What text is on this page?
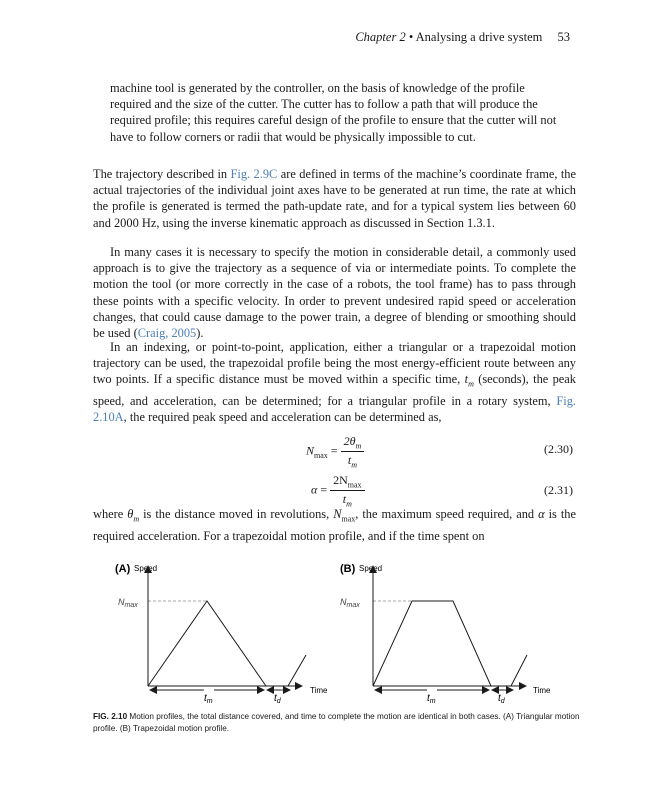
Chapter 2 • Analysing a drive system 53
machine tool is generated by the controller, on the basis of knowledge of the profile required and the size of the cutter. The cutter has to follow a path that will produce the required profile; this requires careful design of the profile to ensure that the cutter will not have to follow corners or radii that would be physically impossible to cut.
The trajectory described in Fig. 2.9C are defined in terms of the machine’s coordinate frame, the actual trajectories of the individual joint axes have to be generated at run time, the rate at which the profile is generated is termed the path-update rate, and for a typical system lies between 60 and 2000 Hz, using the inverse kinematic approach as discussed in Section 1.3.1.
In many cases it is necessary to specify the motion in considerable detail, a commonly used approach is to give the trajectory as a sequence of via or intermediate points. To complete the motion the tool (or more correctly in the case of a robots, the tool frame) has to pass through these points with a specific velocity. In order to prevent undesired rapid speed or acceleration changes, that could cause damage to the power train, a degree of blending or smoothing should be used (Craig, 2005).
In an indexing, or point-to-point, application, either a triangular or a trapezoidal motion trajectory can be used, the trapezoidal profile being the most energy-efficient route between any two points. If a specific distance must be moved within a specific time, $t_m$ (seconds), the peak speed, and acceleration, can be determined; for a triangular profile in a rotary system, Fig. 2.10A, the required peak speed and acceleration can be determined as,
$N_{max} = \frac{2\theta_m}{t_m}$	(2.30)
$\alpha = \frac{2N_{max}}{t_m}$	(2.31)
where $\theta_m$ is the distance moved in revolutions, $N_{max}$, the maximum speed required, and α is the required acceleration. For a trapezoidal motion profile, and if the time spent on
(A) Speed
$N_{max}$
Time
$t_m$	$t_d$
(B) Speed
$N_{max}$
Time
$t_m$	$t_d$
FIG. 2.10 Motion profiles, the total distance covered, and time to complete the motion are identical in both cases. (A) Triangular motion profile. (B) Trapezoidal motion profile.
